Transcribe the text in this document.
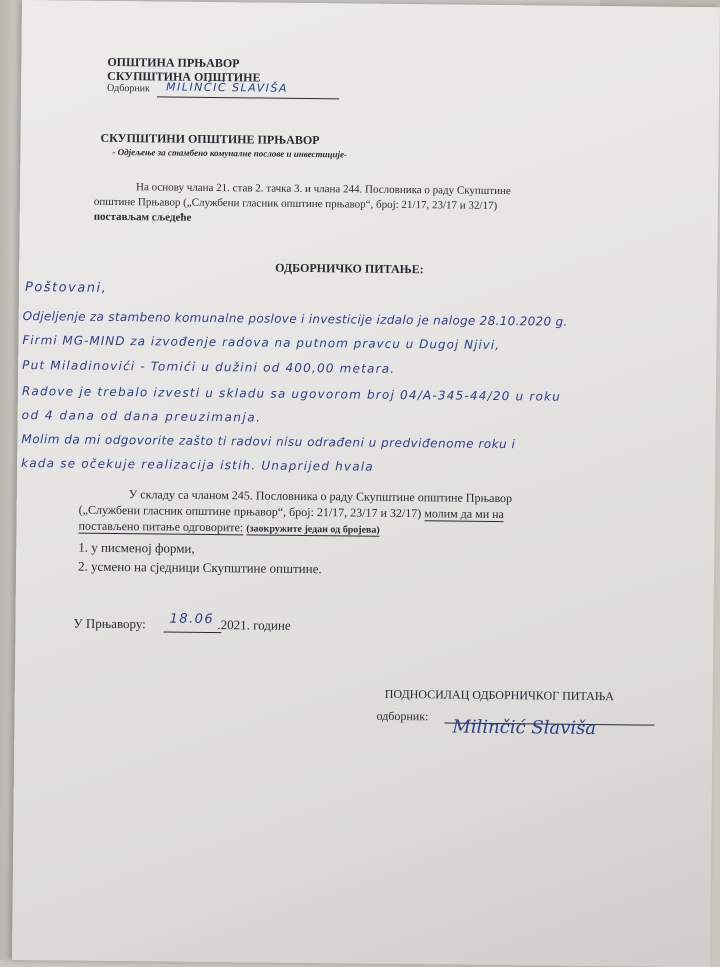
ОПШТИНА ПРЊАВОР
СКУПШТИНА ОПШТИНЕ
Одборник MILINČIĆ SLAVIŠA
СКУПШТИНИ ОПШТИНЕ ПРЊАВОР
- Одјељење за стамбено комуналне послове и инвестиције-
На основу члана 21. став 2. тачка 3. и члана 244. Пословника о раду Скупштине
општине Прњавор („Службени гласник општине прњавор“, број: 21/17, 23/17 и 32/17)
постављам сљедеће
ОДБОРНИЧКО ПИТАЊЕ:
Poštovani,
Odjeljenje za stambeno komunalne poslove i investicije izdalo je naloge 28.10.2020 g.
Firmi MG-MIND za izvođenje radova na putnom pravcu u Dugoj Njivi,
Put Miladinovići - Tomići u dužini od 400,00 metara.
Radove je trebalo izvesti u skladu sa ugovorom broj 04/A-345-44/20 u roku
od 4 dana od dana preuzimanja.
Molim da mi odgovorite zašto ti radovi nisu odrađeni u predviđenome roku i
kada se očekuje realizacija istih. Unaprijed hvala
У складу са чланом 245. Пословника о раду Скупштине општине Прњавор
(„Службени гласник општине прњавор“, број: 21/17, 23/17 и 32/17) молим да ми на
постављено питање одговорите: (заокружите један од бројева)
1. у писменој форми,
2. усмено на сједници Скупштине општине.
У Прњавору: 18.06 .2021. године
ПОДНОСИЛАЦ ОДБОРНИЧКОГ ПИТАЊА
одборник:
Milinčić Slaviša
